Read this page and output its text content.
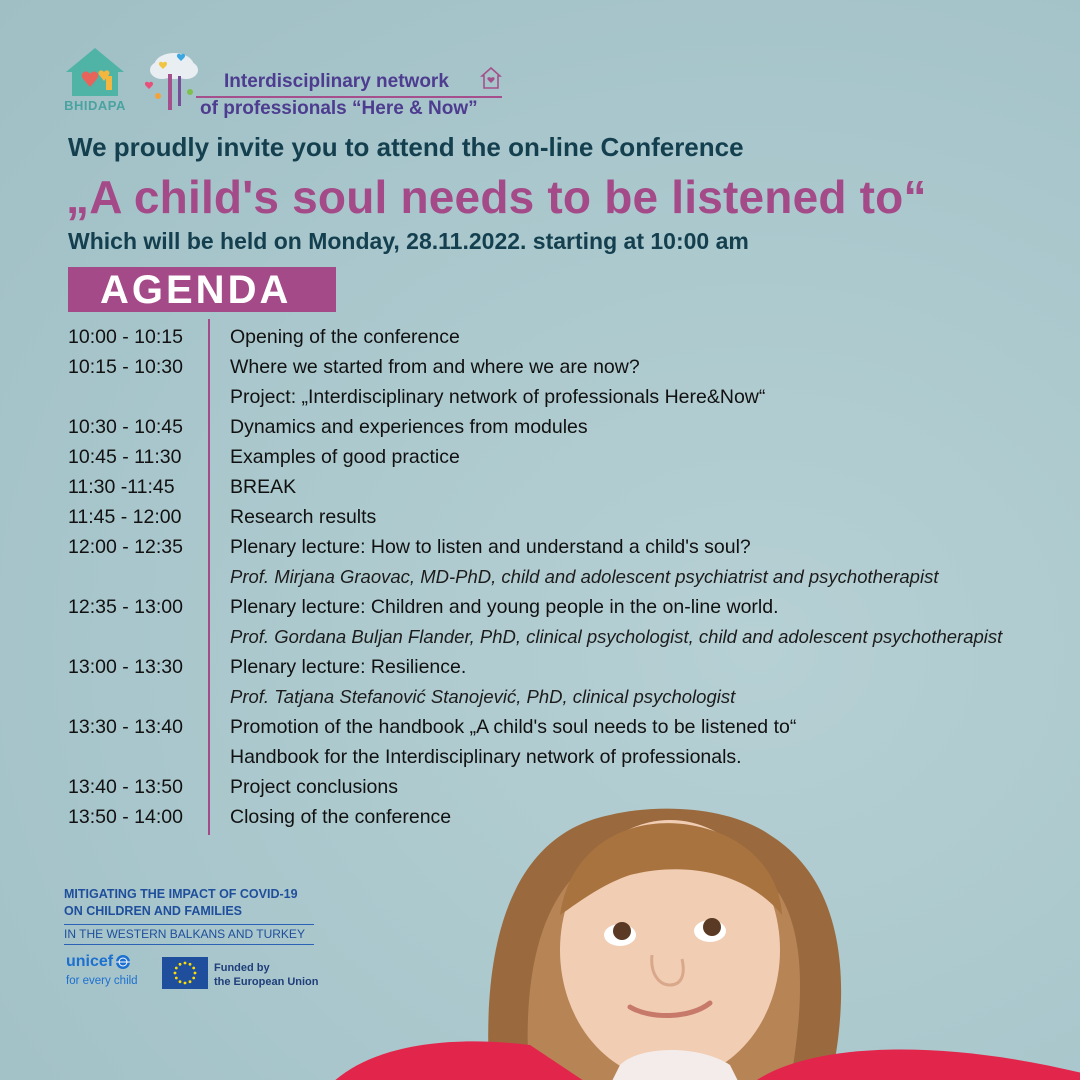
BHIDAPA
Interdisciplinary network
of professionals “Here & Now”

We proudly invite you to attend the on-line Conference

„A child's soul needs to be listened to“

Which will be held on Monday, 28.11.2022. starting at 10:00 am

AGENDA
10:00 - 10:15	Opening of the conference
10:15 - 10:30	Where we started from and where we are now?
Project: „Interdisciplinary network of professionals Here&Now“
10:30 - 10:45	Dynamics and experiences from modules
10:45 - 11:30	Examples of good practice
11:30 -11:45	BREAK
11:45 - 12:00	Research results
12:00 - 12:35	Plenary lecture: How to listen and understand a child's soul?
Prof. Mirjana Graovac, MD-PhD, child and adolescent psychiatrist and psychotherapist
12:35 - 13:00	Plenary lecture: Children and young people in the on-line world.
Prof. Gordana Buljan Flander, PhD, clinical psychologist, child and adolescent psychotherapist
13:00 - 13:30	Plenary lecture: Resilience.
Prof. Tatjana Stefanović Stanojević, PhD, clinical psychologist
13:30 - 13:40	Promotion of the handbook „A child's soul needs to be listened to“
Handbook for the Interdisciplinary network of professionals.
13:40 - 13:50	Project conclusions
13:50 - 14:00	Closing of the conference
MITIGATING THE IMPACT OF COVID-19
ON CHILDREN AND FAMILIES
IN THE WESTERN BALKANS AND TURKEY
unicef
for every child
Funded by
the European Union
